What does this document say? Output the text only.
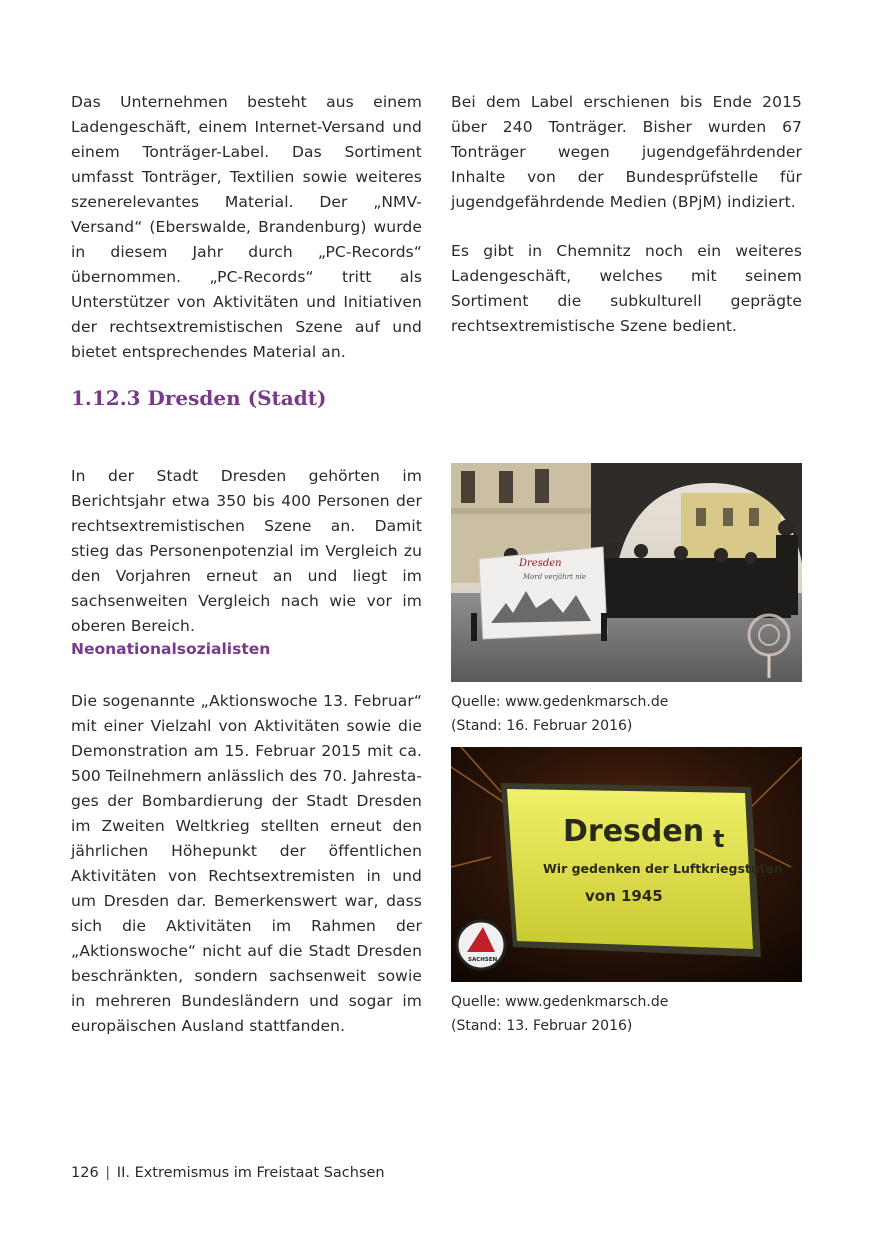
Das Unternehmen besteht aus einem Ladengeschäft, einem Internet-Versand und einem Tonträger-Label. Das Sortiment umfasst Tonträger, Textilien sowie weiteres szenerelevantes Material. Der „NMV-Versand“ (Eberswalde, Brandenburg) wurde in diesem Jahr durch „PC-Records“ übernommen. „PC-Records“ tritt als Unterstützer von Aktivitäten und Initiativen der rechtsextremistischen Szene auf und bietet entsprechendes Material an.

Bei dem Label erschienen bis Ende 2015 über 240 Tonträger. Bisher wurden 67 Tonträger wegen jugendgefährdender Inhalte von der Bundesprüfstelle für jugendgefährdende Medien (BPjM) indiziert.

Es gibt in Chemnitz noch ein weiteres Ladengeschäft, welches mit seinem Sortiment die subkulturell geprägte rechtsextremistische Szene bedient.

1.12.3 Dresden (Stadt)

In der Stadt Dresden gehörten im Berichtsjahr etwa 350 bis 400 Personen der rechtsextremistischen Szene an. Damit stieg das Personenpotenzial im Vergleich zu den Vorjahren erneut an und liegt im sachsenweiten Vergleich nach wie vor im oberen Bereich.

Neonationalsozialisten

Die sogenannte „Aktionswoche 13. Februar“ mit einer Vielzahl von Aktivitäten sowie die Demonstration am 15. Februar 2015 mit ca. 500 Teilnehmern anlässlich des 70. Jahrestages der Bombardierung der Stadt Dresden im Zweiten Weltkrieg stellten erneut den jährlichen Höhepunkt der öffentlichen Aktivitäten von Rechtsextremisten in und um Dresden dar. Bemerkenswert war, dass sich die Aktivitäten im Rahmen der „Aktionswoche“ nicht auf die Stadt Dresden beschränkten, sondern sachsenweit sowie in mehreren Bundesländern und sogar im europäischen Ausland stattfanden.

Dresden
Mord verjährt nie
Quelle: www.gedenkmarsch.de
(Stand: 16. Februar 2016)
Dresden t
Wir gedenken der Luftkriegstoten
von 1945
SACHSEN
Quelle: www.gedenkmarsch.de
(Stand: 13. Februar 2016)
126 | II. Extremismus im Freistaat Sachsen
